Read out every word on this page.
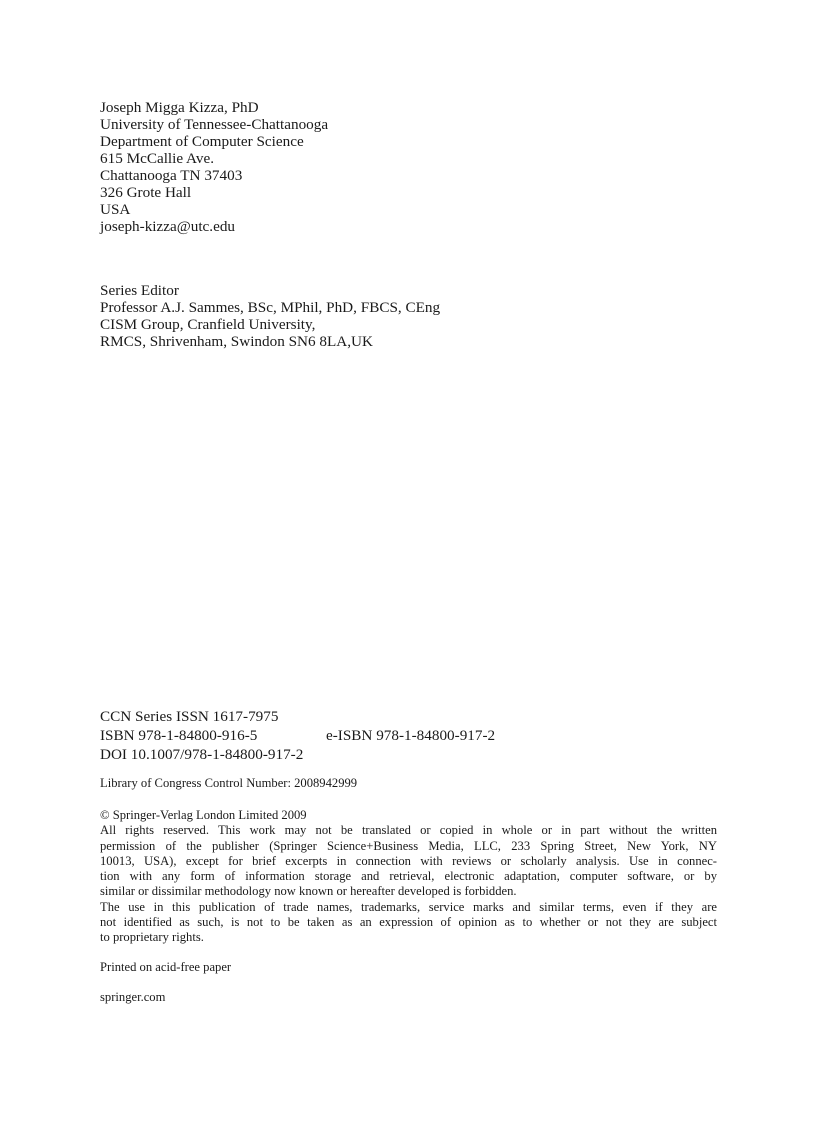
Joseph Migga Kizza, PhD
University of Tennessee-Chattanooga
Department of Computer Science
615 McCallie Ave.
Chattanooga TN 37403
326 Grote Hall
USA
joseph-kizza@utc.edu
Series Editor
Professor A.J. Sammes, BSc, MPhil, PhD, FBCS, CEng
CISM Group, Cranfield University,
RMCS, Shrivenham, Swindon SN6 8LA,UK
CCN Series ISSN 1617-7975
ISBN 978-1-84800-916-5	e-ISBN 978-1-84800-917-2
DOI 10.1007/978-1-84800-917-2
Library of Congress Control Number: 2008942999
© Springer-Verlag London Limited 2009
All rights reserved. This work may not be translated or copied in whole or in part without the written
permission of the publisher (Springer Science+Business Media, LLC, 233 Spring Street, New York, NY
10013, USA), except for brief excerpts in connection with reviews or scholarly analysis. Use in connec-
tion with any form of information storage and retrieval, electronic adaptation, computer software, or by
similar or dissimilar methodology now known or hereafter developed is forbidden.
The use in this publication of trade names, trademarks, service marks and similar terms, even if they are
not identified as such, is not to be taken as an expression of opinion as to whether or not they are subject
to proprietary rights.
Printed on acid-free paper
springer.com
